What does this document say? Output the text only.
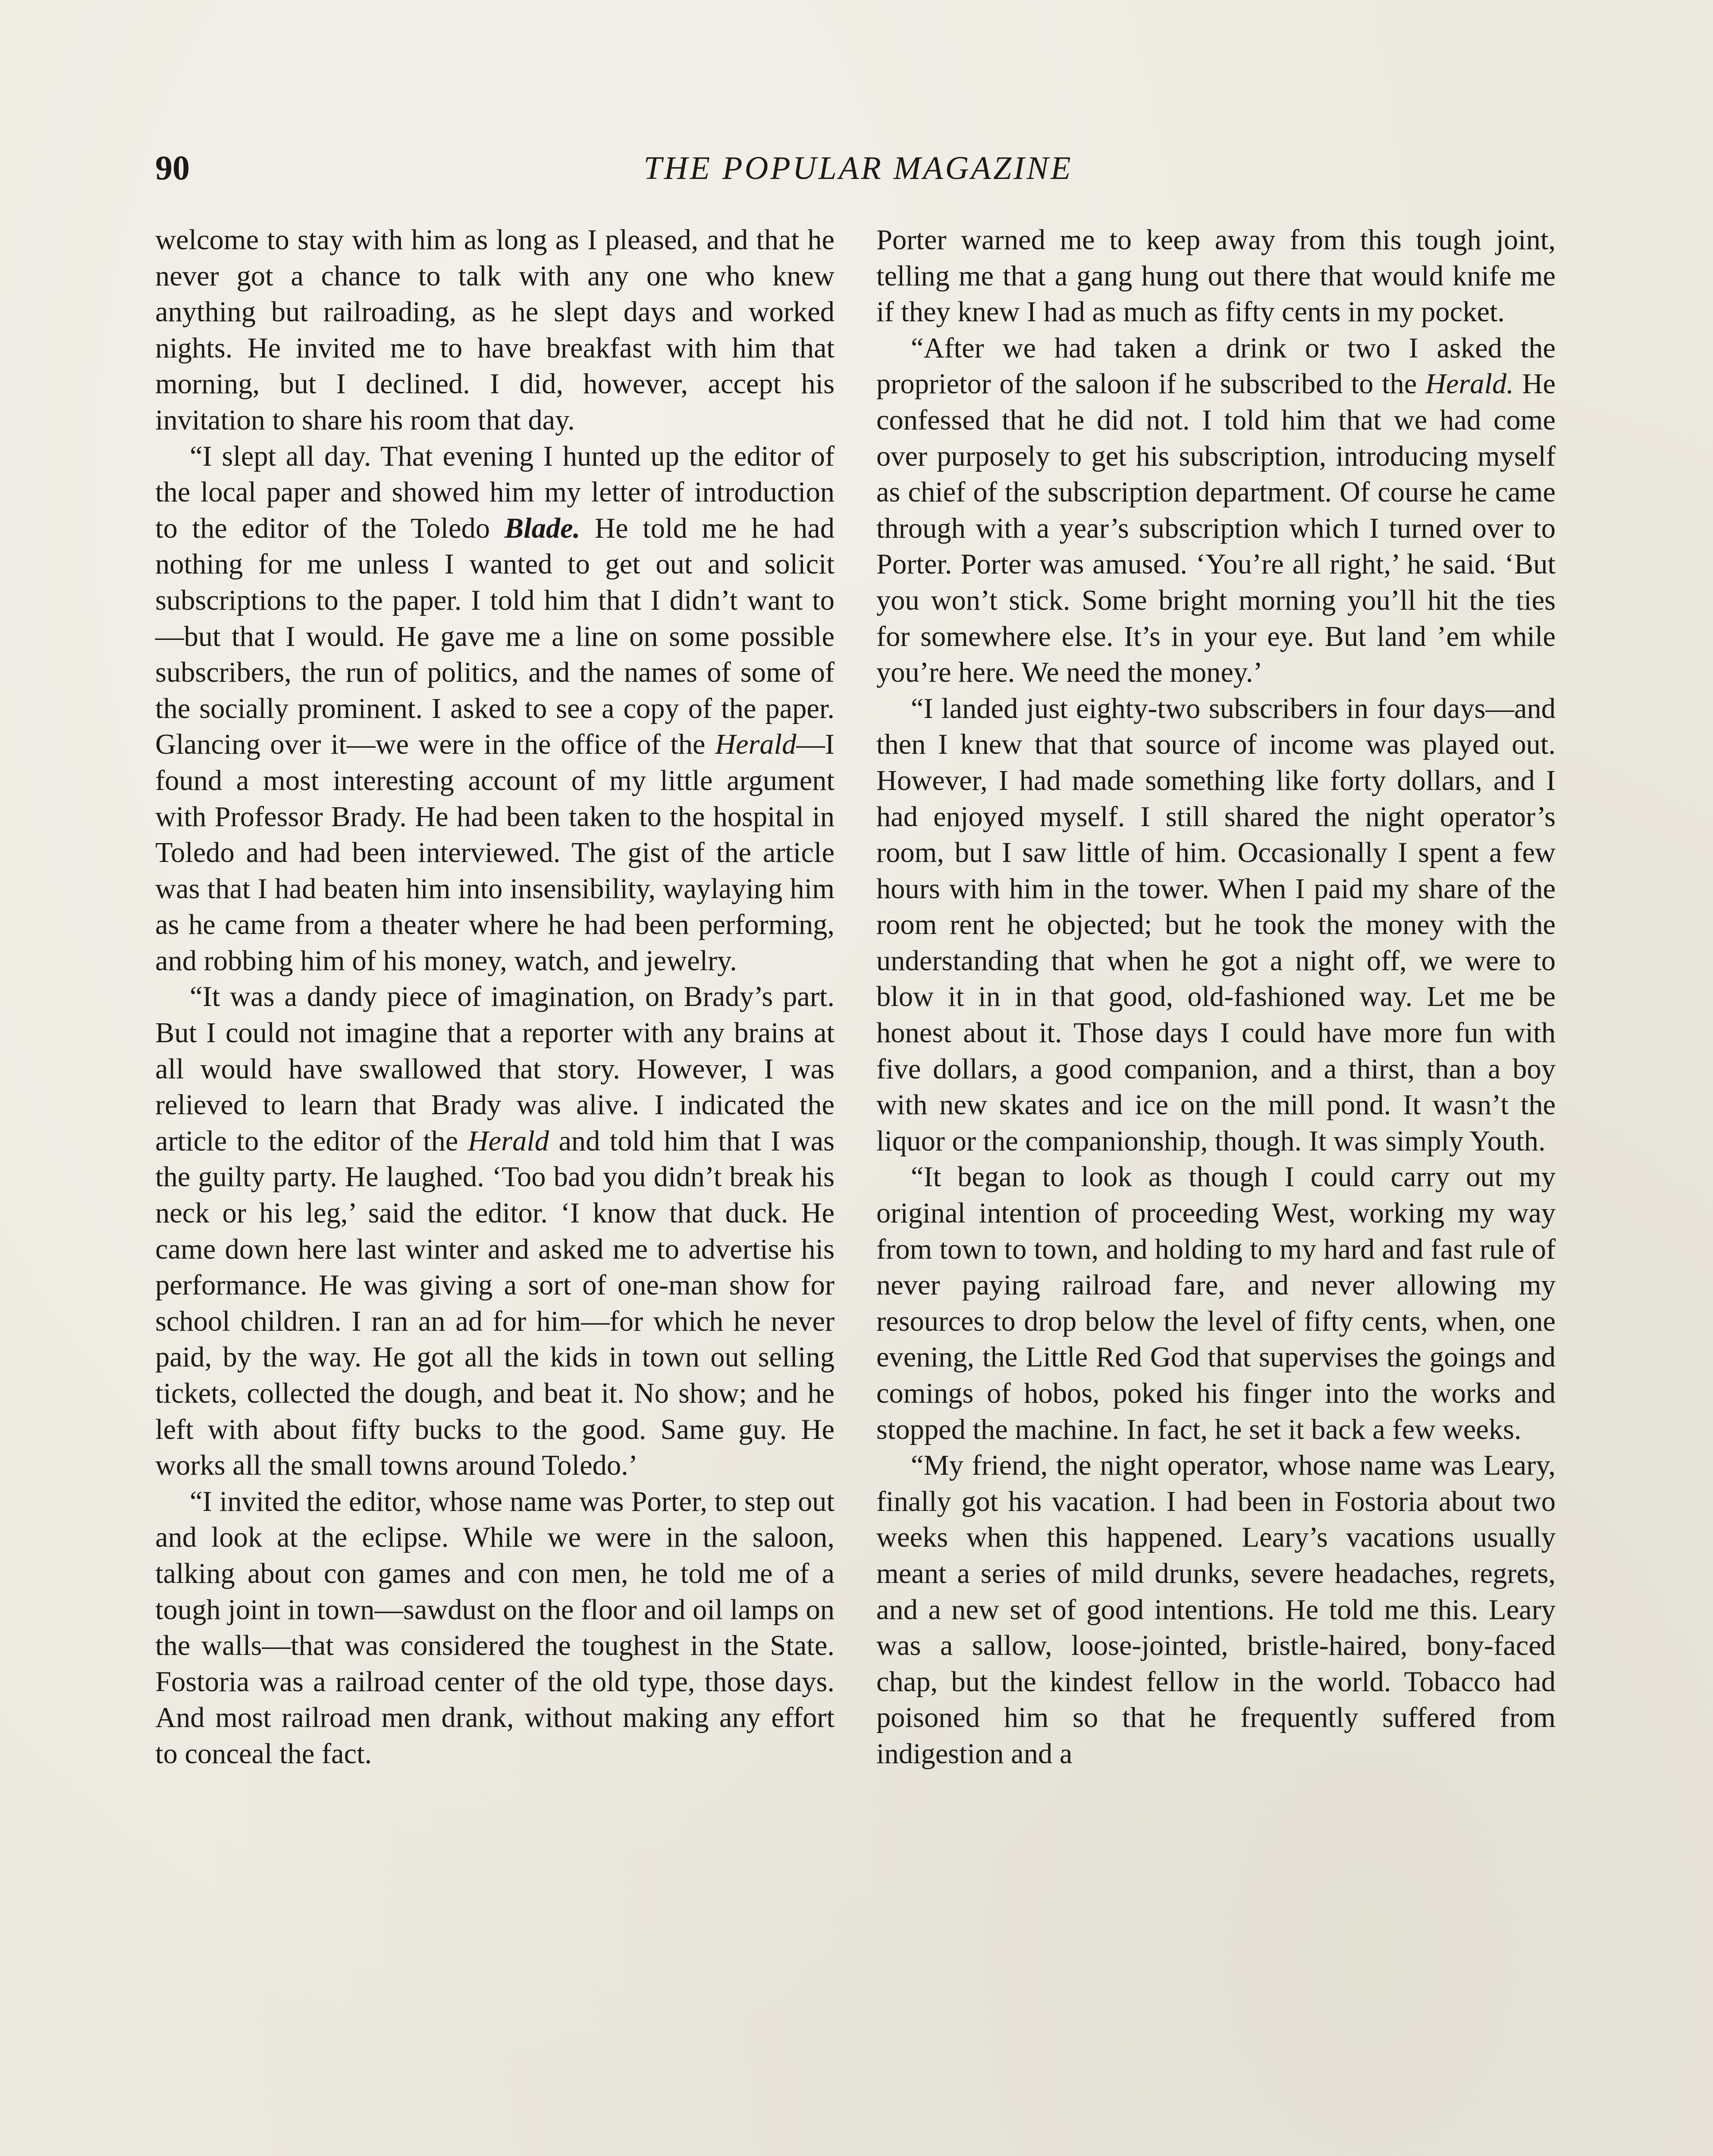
90	THE POPULAR MAGAZINE

welcome to stay with him as long as I pleased, and that he never got a chance to talk with any one who knew anything but railroading, as he slept days and worked nights. He invited me to have breakfast with him that morning, but I declined. I did, however, accept his invitation to share his room that day.

“I slept all day. That evening I hunted up the editor of the local paper and showed him my letter of introduction to the editor of the Toledo Blade. He told me he had nothing for me unless I wanted to get out and solicit subscriptions to the paper. I told him that I didn’t want to—but that I would. He gave me a line on some possible subscribers, the run of politics, and the names of some of the socially prominent. I asked to see a copy of the paper. Glancing over it—we were in the office of the Herald—I found a most interesting account of my little argument with Professor Brady. He had been taken to the hospital in Toledo and had been interviewed. The gist of the article was that I had beaten him into insensibility, waylaying him as he came from a theater where he had been performing, and robbing him of his money, watch, and jewelry.

“It was a dandy piece of imagination, on Brady’s part. But I could not imagine that a reporter with any brains at all would have swallowed that story. However, I was relieved to learn that Brady was alive. I indicated the article to the editor of the Herald and told him that I was the guilty party. He laughed. ‘Too bad you didn’t break his neck or his leg,’ said the editor. ‘I know that duck. He came down here last winter and asked me to advertise his performance. He was giving a sort of one-man show for school children. I ran an ad for him—for which he never paid, by the way. He got all the kids in town out selling tickets, collected the dough, and beat it. No show; and he left with about fifty bucks to the good. Same guy. He works all the small towns around Toledo.’

“I invited the editor, whose name was Porter, to step out and look at the eclipse. While we were in the saloon, talking about con games and con men, he told me of a tough joint in town—sawdust on the floor and oil lamps on the walls—that was considered the toughest in the State. Fostoria was a railroad center of the old type, those days. And most railroad men drank, without making any effort to conceal the fact.

Porter warned me to keep away from this tough joint, telling me that a gang hung out there that would knife me if they knew I had as much as fifty cents in my pocket.

“After we had taken a drink or two I asked the proprietor of the saloon if he subscribed to the Herald. He confessed that he did not. I told him that we had come over purposely to get his subscription, introducing myself as chief of the subscription department. Of course he came through with a year’s subscription which I turned over to Porter. Porter was amused. ‘You’re all right,’ he said. ‘But you won’t stick. Some bright morning you’ll hit the ties for somewhere else. It’s in your eye. But land ’em while you’re here. We need the money.’

“I landed just eighty-two subscribers in four days—and then I knew that that source of income was played out. However, I had made something like forty dollars, and I had enjoyed myself. I still shared the night operator’s room, but I saw little of him. Occasionally I spent a few hours with him in the tower. When I paid my share of the room rent he objected; but he took the money with the understanding that when he got a night off, we were to blow it in in that good, old-fashioned way. Let me be honest about it. Those days I could have more fun with five dollars, a good companion, and a thirst, than a boy with new skates and ice on the mill pond. It wasn’t the liquor or the companionship, though. It was simply Youth.

“It began to look as though I could carry out my original intention of proceeding West, working my way from town to town, and holding to my hard and fast rule of never paying railroad fare, and never allowing my resources to drop below the level of fifty cents, when, one evening, the Little Red God that supervises the goings and comings of hobos, poked his finger into the works and stopped the machine. In fact, he set it back a few weeks.

“My friend, the night operator, whose name was Leary, finally got his vacation. I had been in Fostoria about two weeks when this happened. Leary’s vacations usually meant a series of mild drunks, severe headaches, regrets, and a new set of good intentions. He told me this. Leary was a sallow, loose-jointed, bristle-haired, bony-faced chap, but the kindest fellow in the world. Tobacco had poisoned him so that he frequently suffered from indigestion and a
